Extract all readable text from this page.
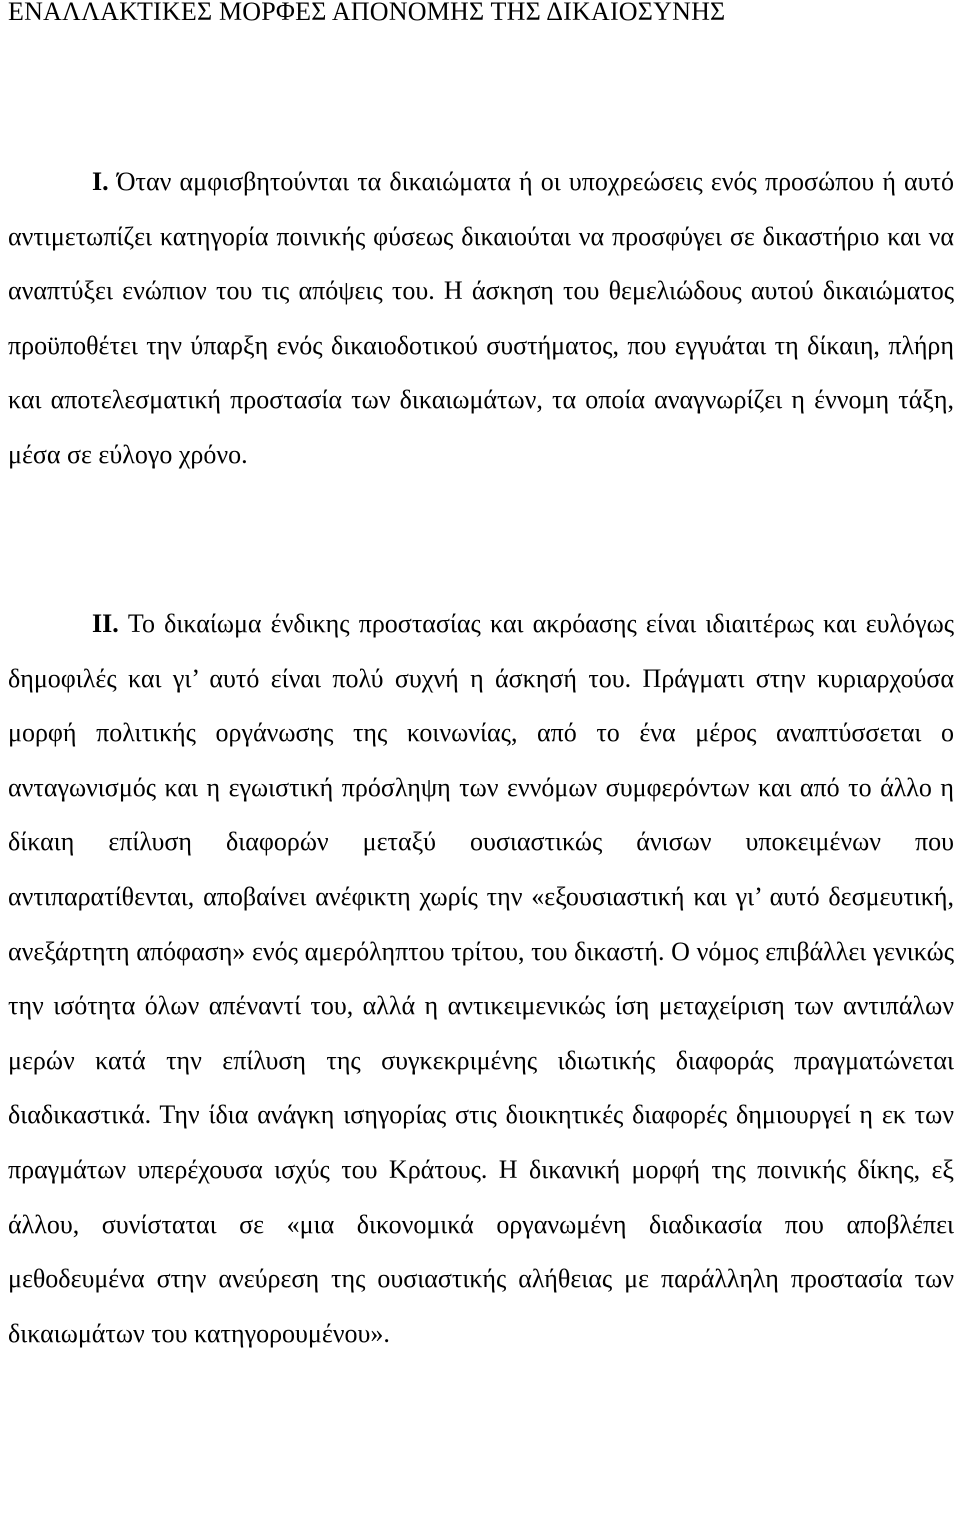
ΕΝΑΛΛΑΚΤΙΚΕΣ ΜΟΡΦΕΣ ΑΠΟΝΟΜΗΣ ΤΗΣ ΔΙΚΑΙΟΣΥΝΗΣ

I. Όταν αμφισβητούνται τα δικαιώματα ή οι υποχρεώσεις ενός προσώπου ή αυτό αντιμετωπίζει κατηγορία ποινικής φύσεως δικαιούται να προσφύγει σε δικαστήριο και να αναπτύξει ενώπιον του τις απόψεις του. Η άσκηση του θεμελιώδους αυτού δικαιώματος προϋποθέτει την ύπαρξη ενός δικαιοδοτικού συστήματος, που εγγυάται τη δίκαιη, πλήρη και αποτελεσματική προστασία των δικαιωμάτων, τα οποία αναγνωρίζει η έννομη τάξη, μέσα σε εύλογο χρόνο.

II. Το δικαίωμα ένδικης προστασίας και ακρόασης είναι ιδιαιτέρως και ευλόγως δημοφιλές και γι’ αυτό είναι πολύ συχνή η άσκησή του. Πράγματι στην κυριαρχούσα μορφή πολιτικής οργάνωσης της κοινωνίας, από το ένα μέρος αναπτύσσεται ο ανταγωνισμός και η εγωιστική πρόσληψη των εννόμων συμφερόντων και από το άλλο η δίκαιη επίλυση διαφορών μεταξύ ουσιαστικώς άνισων υποκειμένων που αντιπαρατίθενται, αποβαίνει ανέφικτη χωρίς την «εξουσιαστική και γι’ αυτό δεσμευτική, ανεξάρτητη απόφαση» ενός αμερόληπτου τρίτου, του δικαστή. Ο νόμος επιβάλλει γενικώς την ισότητα όλων απέναντί του, αλλά η αντικειμενικώς ίση μεταχείριση των αντιπάλων μερών κατά την επίλυση της συγκεκριμένης ιδιωτικής διαφοράς πραγματώνεται διαδικαστικά. Την ίδια ανάγκη ισηγορίας στις διοικητικές διαφορές δημιουργεί η εκ των πραγμάτων υπερέχουσα ισχύς του Κράτους. Η δικανική μορφή της ποινικής δίκης, εξ άλλου, συνίσταται σε «μια δικονομικά οργανωμένη διαδικασία που αποβλέπει μεθοδευμένα στην ανεύρεση της ουσιαστικής αλήθειας με παράλληλη προστασία των δικαιωμάτων του κατηγορουμένου».
